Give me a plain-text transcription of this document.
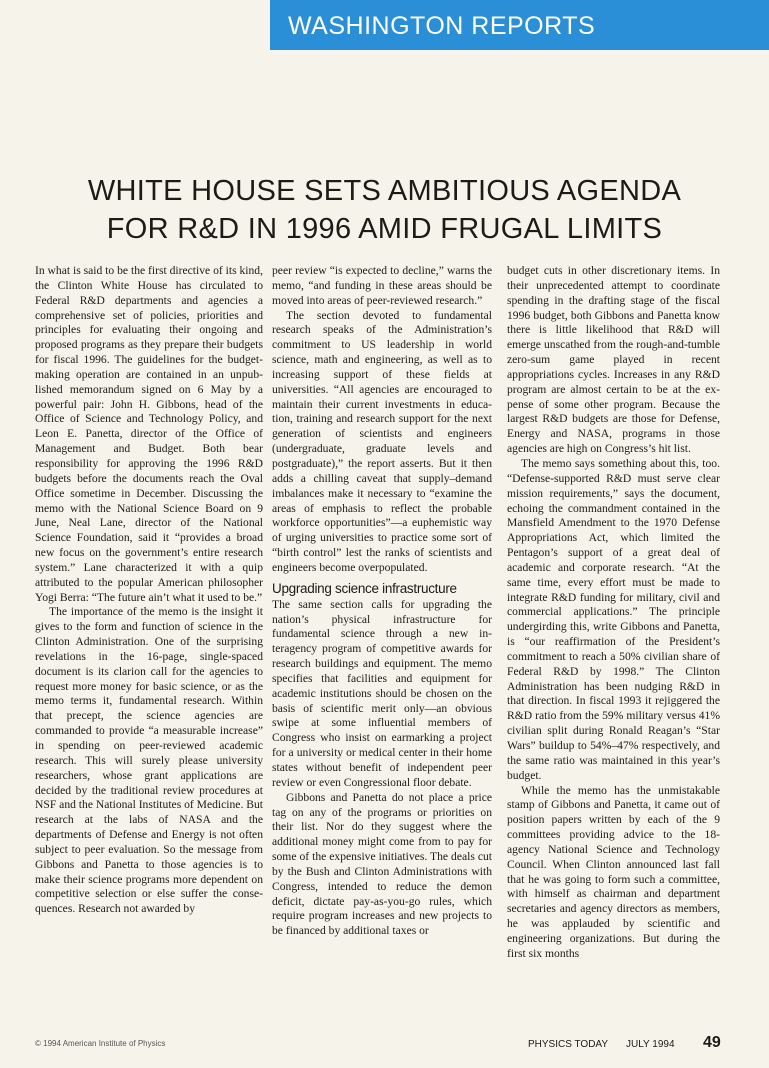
WASHINGTON REPORTS
WHITE HOUSE SETS AMBITIOUS AGENDA
FOR R&D IN 1996 AMID FRUGAL LIMITS

In what is said to be the first directive of its kind, the Clinton White House has circulated to Federal R&D departments and agencies a comprehensive set of policies, priorities and principles for evaluating their ongoing and proposed programs as they prepare their budgets for fiscal 1996. The guidelines for the budget-making operation are contained in an unpublished memorandum signed on 6 May by a powerful pair: John H. Gibbons, head of the Office of Science and Technology Policy, and Leon E. Panetta, director of the Office of Management and Budget. Both bear responsibility for approving the 1996 R&D budgets before the documents reach the Oval Office sometime in December. Discussing the memo with the National Science Board on 9 June, Neal Lane, director of the National Science Foundation, said it “provides a broad new focus on the government’s entire research system.” Lane characterized it with a quip attributed to the popular American philosopher Yogi Berra: “The future ain’t what it used to be.”

The importance of the memo is the insight it gives to the form and function of science in the Clinton Administration. One of the surprising revelations in the 16-page, single-spaced document is its clarion call for the agencies to request more money for basic science, or as the memo terms it, fundamental research. Within that precept, the science agencies are commanded to provide “a measurable increase” in spending on peer-reviewed academic research. This will surely please university researchers, whose grant applications are decided by the traditional review procedures at NSF and the National Institutes of Medicine. But research at the labs of NASA and the departments of Defense and Energy is not often subject to peer evaluation. So the message from Gibbons and Panetta to those agencies is to make their science programs more dependent on competitive selection or else suffer the consequences. Research not awarded by

peer review “is expected to decline,” warns the memo, “and funding in these areas should be moved into areas of peer-reviewed research.”

The section devoted to fundamental research speaks of the Administration’s commitment to US leadership in world science, math and engineering, as well as to increasing support of these fields at universities. “All agencies are encouraged to maintain their current investments in education, training and research support for the next generation of scientists and engineers (undergraduate, graduate levels and postgraduate),” the report asserts. But it then adds a chilling caveat that supply–demand imbalances make it necessary to “examine the areas of emphasis to reflect the probable workforce opportunities”—a euphemistic way of urging universities to practice some sort of “birth control” lest the ranks of scientists and engineers become overpopulated.

Upgrading science infrastructure

The same section calls for upgrading the nation’s physical infrastructure for fundamental science through a new interagency program of competitive awards for research buildings and equipment. The memo specifies that facilities and equipment for academic institutions should be chosen on the basis of scientific merit only—an obvious swipe at some influential members of Congress who insist on earmarking a project for a university or medical center in their home states without benefit of independent peer review or even Congressional floor debate.

Gibbons and Panetta do not place a price tag on any of the programs or priorities on their list. Nor do they suggest where the additional money might come from to pay for some of the expensive initiatives. The deals cut by the Bush and Clinton Administrations with Congress, intended to reduce the demon deficit, dictate pay-as-you-go rules, which require program increases and new projects to be financed by additional taxes or

budget cuts in other discretionary items. In their unprecedented attempt to coordinate spending in the drafting stage of the fiscal 1996 budget, both Gibbons and Panetta know there is little likelihood that R&D will emerge unscathed from the rough-and-tumble zero-sum game played in recent appropriations cycles. Increases in any R&D program are almost certain to be at the expense of some other program. Because the largest R&D budgets are those for Defense, Energy and NASA, programs in those agencies are high on Congress’s hit list.

The memo says something about this, too. “Defense-supported R&D must serve clear mission requirements,” says the document, echoing the commandment contained in the Mansfield Amendment to the 1970 Defense Appropriations Act, which limited the Pentagon’s support of a great deal of academic and corporate research. “At the same time, every effort must be made to integrate R&D funding for military, civil and commercial applications.” The principle undergirding this, write Gibbons and Panetta, is “our reaffirmation of the President’s commitment to reach a 50% civilian share of Federal R&D by 1998.” The Clinton Administration has been nudging R&D in that direction. In fiscal 1993 it rejiggered the R&D ratio from the 59% military versus 41% civilian split during Ronald Reagan’s “Star Wars” buildup to 54%–47% respectively, and the same ratio was maintained in this year’s budget.

While the memo has the unmistakable stamp of Gibbons and Panetta, it came out of position papers written by each of the 9 committees providing advice to the 18-agency National Science and Technology Council. When Clinton announced last fall that he was going to form such a committee, with himself as chairman and department secretaries and agency directors as members, he was applauded by scientific and engineering organizations. But during the first six months

© 1994 American Institute of Physics	PHYSICS TODAY JULY 1994 49
